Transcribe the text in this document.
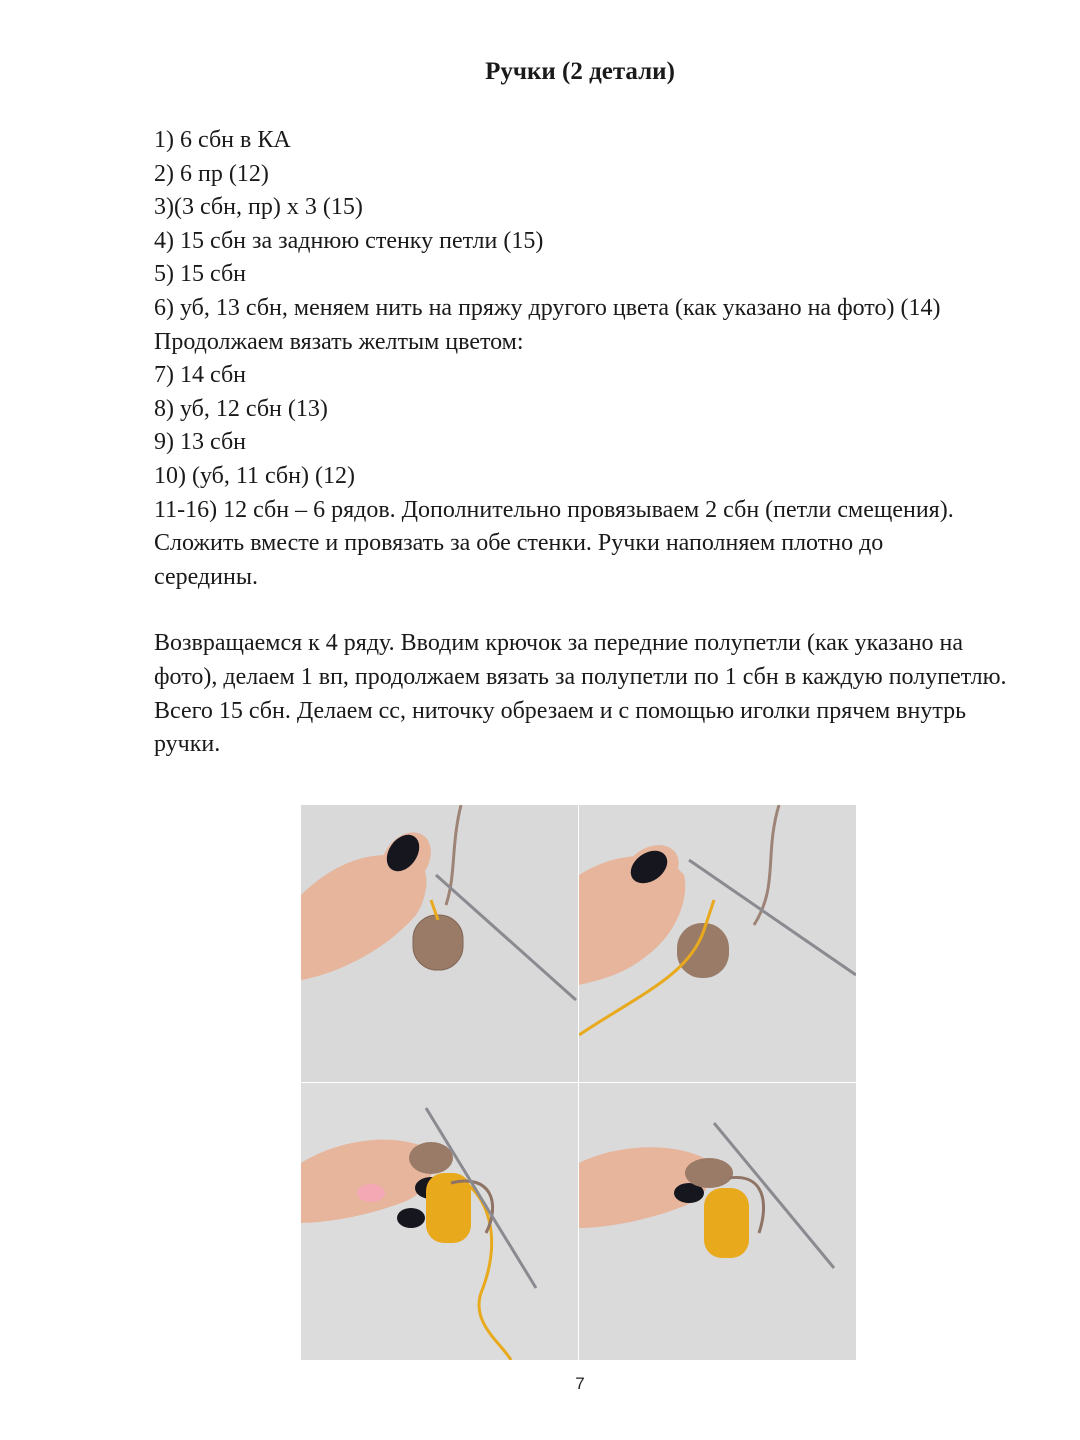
Ручки (2 детали)
1) 6 сбн в КА
2) 6 пр (12)
3)(3 сбн, пр) х 3 (15)
4) 15 сбн за заднюю стенку петли (15)
5) 15 сбн
6) уб, 13 сбн, меняем нить на пряжу другого цвета (как указано на фото) (14)
Продолжаем вязать желтым цветом:
7) 14 сбн
8) уб, 12 сбн (13)
9) 13 сбн
10) (уб, 11 сбн) (12)
11-16) 12 сбн – 6 рядов. Дополнительно провязываем 2 сбн (петли смещения).
Сложить вместе и провязать за обе стенки. Ручки наполняем плотно до
середины.

Возвращаемся к 4 ряду. Вводим крючок за передние полупетли (как указано на фото), делаем 1 вп, продолжаем вязать за полупетли по 1 сбн в каждую полупетлю. Всего 15 сбн. Делаем сс, ниточку обрезаем и с помощью иголки прячем внутрь ручки.

7
